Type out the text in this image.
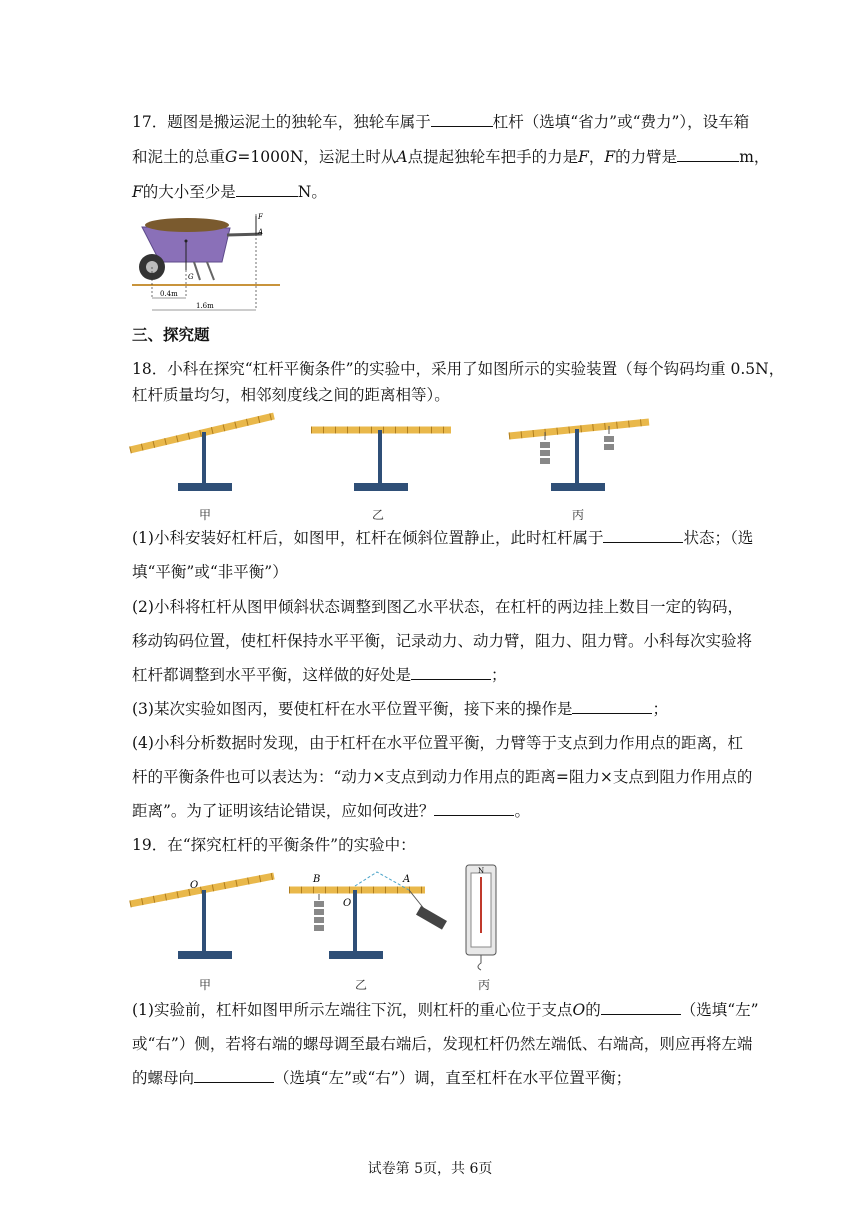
17．题图是搬运泥土的独轮车，独轮车属于	杠杆（选填“省力”或“费力”），设车箱
和泥土的总重G=1000N，运泥土时从A点提起独轮车把手的力是F，F的力臂是	m，
F的大小至少是	N。
F
A
G
0.4m
1.6m
三、探究题
18．小科在探究“杠杆平衡条件”的实验中，采用了如图所示的实验装置（每个钩码均重 0.5N，
杠杆质量均匀，相邻刻度线之间的距离相等）。
甲	乙	丙
(1)小科安装好杠杆后，如图甲，杠杆在倾斜位置静止，此时杠杆属于	状态；（选
填“平衡”或“非平衡”）
(2)小科将杠杆从图甲倾斜状态调整到图乙水平状态，在杠杆的两边挂上数目一定的钩码，
移动钩码位置，使杠杆保持水平平衡，记录动力、动力臂，阻力、阻力臂。小科每次实验将
杠杆都调整到水平平衡，这样做的好处是	；
(3)某次实验如图丙，要使杠杆在水平位置平衡，接下来的操作是	；
(4)小科分析数据时发现，由于杠杆在水平位置平衡，力臂等于支点到力作用点的距离，杠
杆的平衡条件也可以表达为：“动力×支点到动力作用点的距离=阻力×支点到阻力作用点的
距离”。为了证明该结论错误，应如何改进？	。
19．在“探究杠杆的平衡条件”的实验中：
O
甲
B
O
A
乙
N
丙
(1)实验前，杠杆如图甲所示左端往下沉，则杠杆的重心位于支点O的	（选填“左”
或“右”）侧，若将右端的螺母调至最右端后，发现杠杆仍然左端低、右端高，则应再将左端
的螺母向	（选填“左”或“右”）调，直至杠杆在水平位置平衡；
试卷第 5页，共 6页
